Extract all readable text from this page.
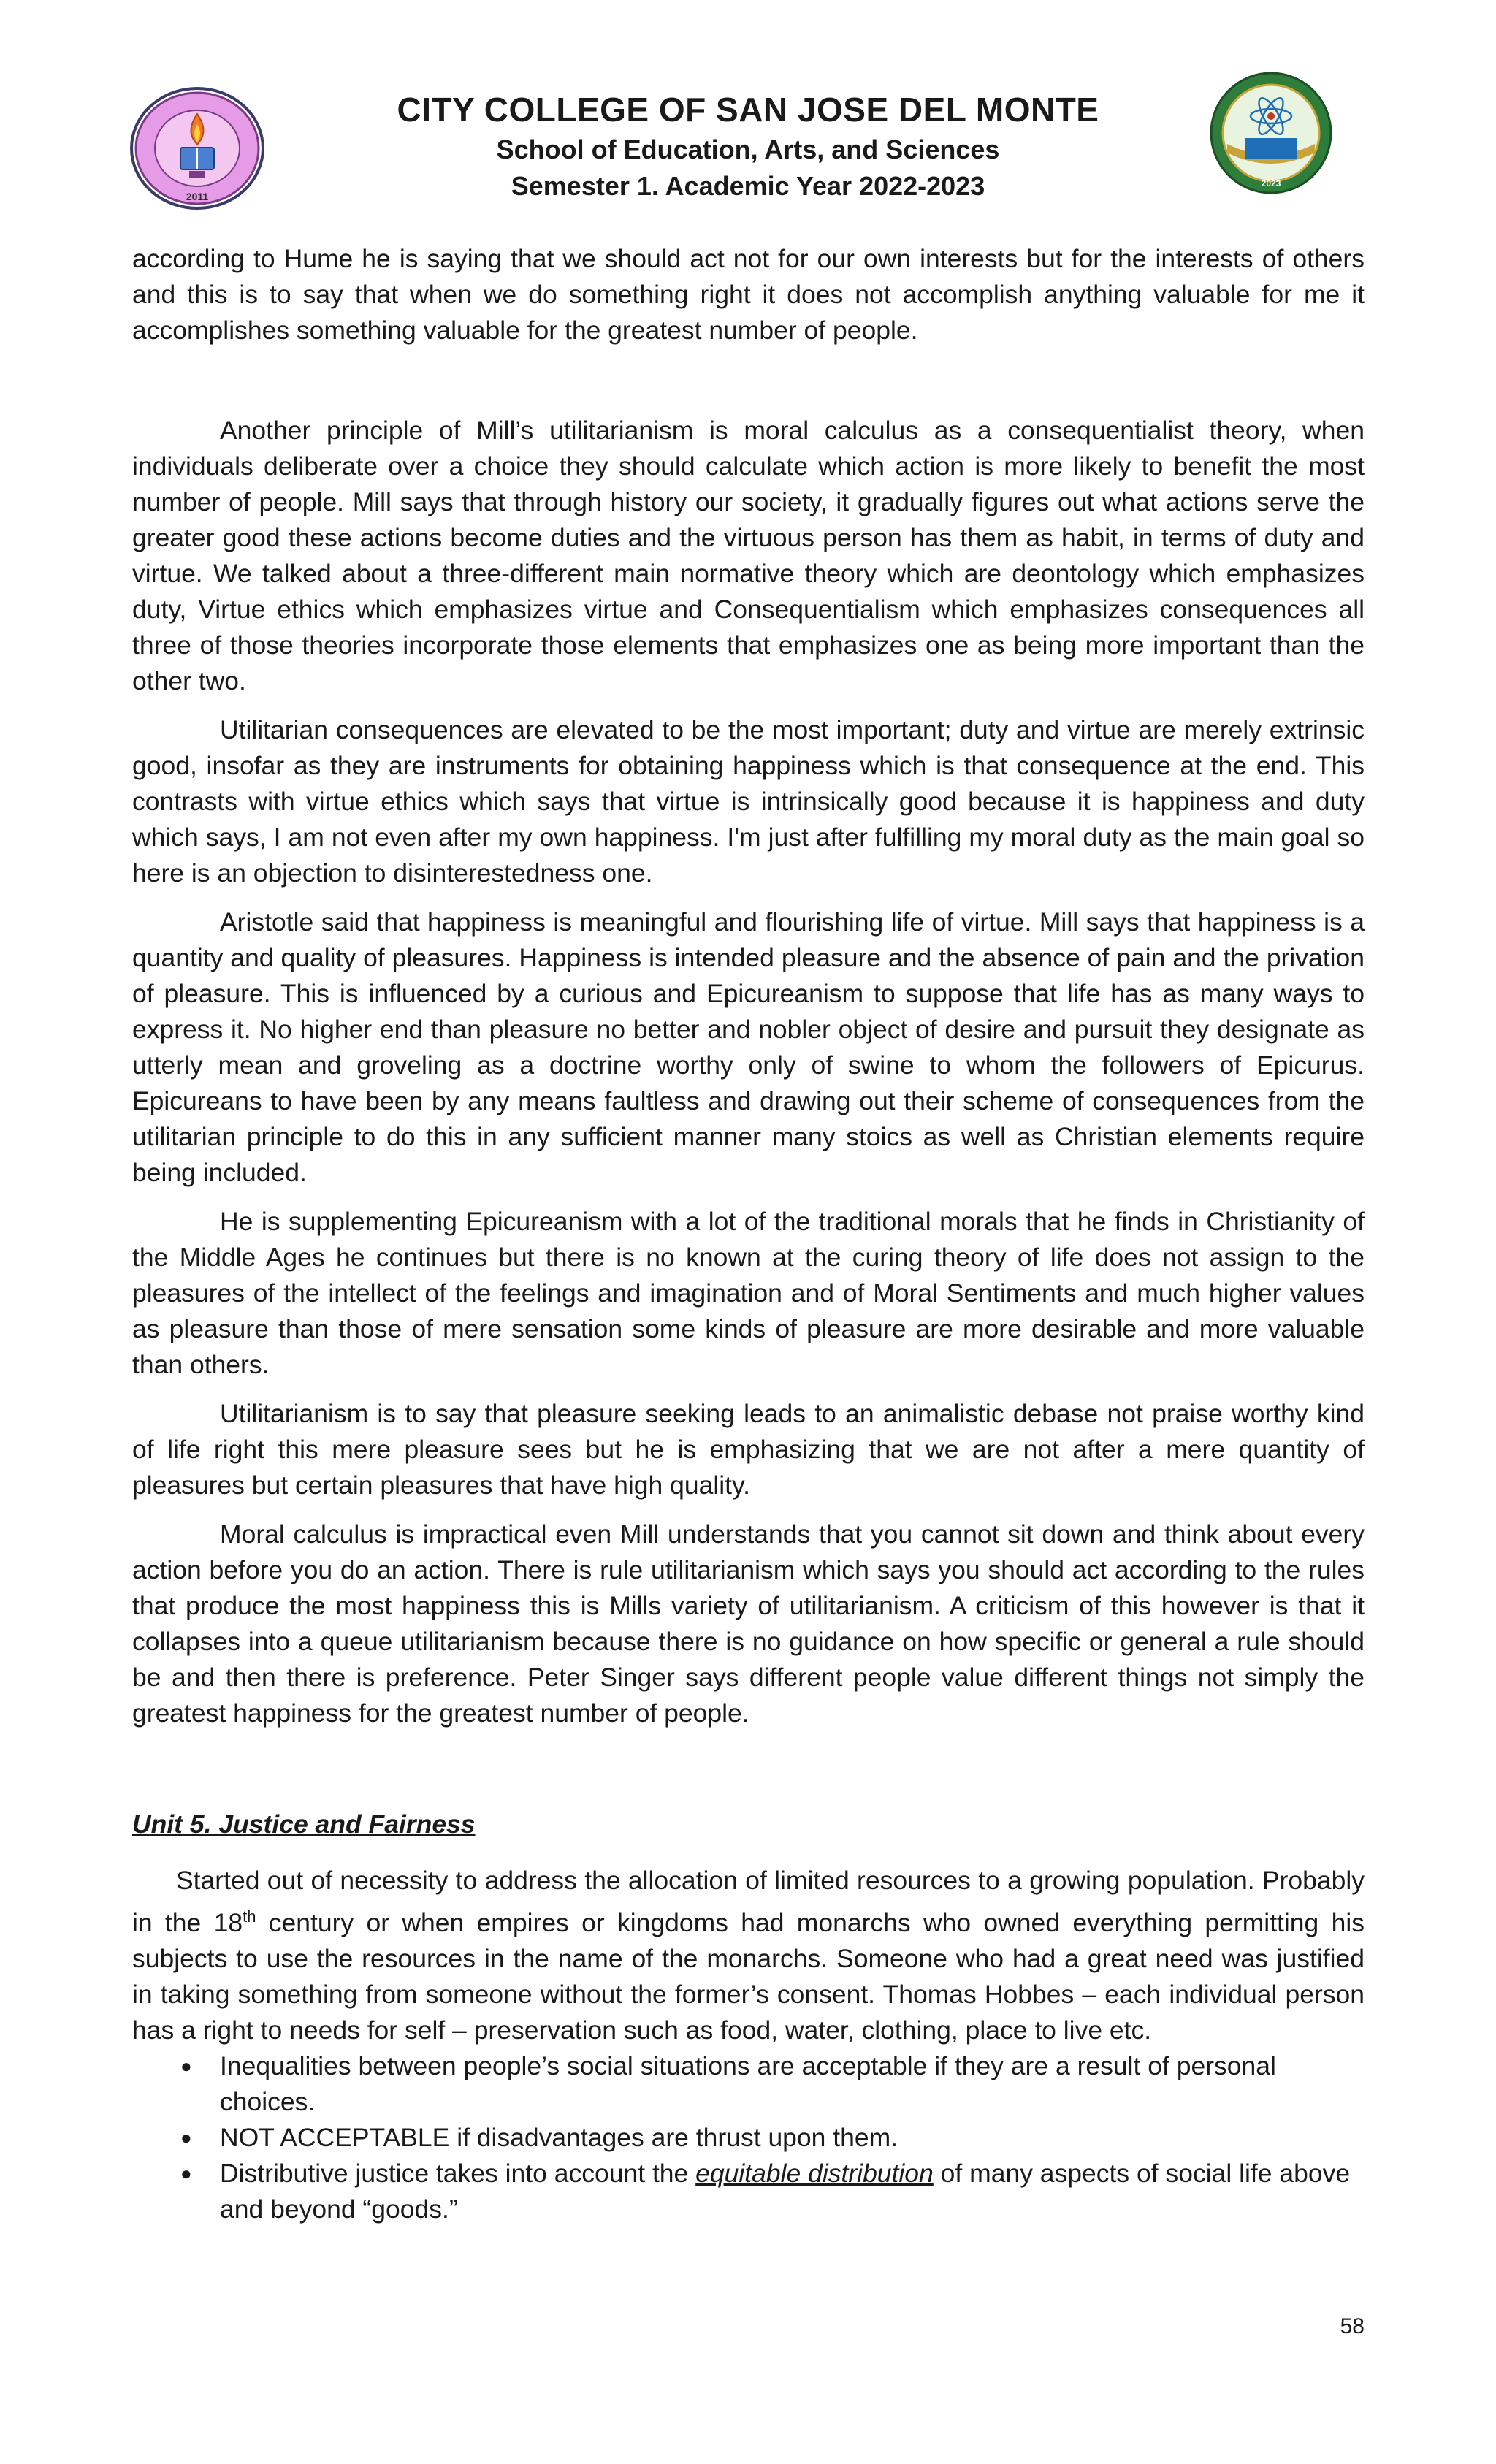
2011
2023
CITY COLLEGE OF SAN JOSE DEL MONTE
School of Education, Arts, and Sciences
Semester 1. Academic Year 2022-2023

according to Hume he is saying that we should act not for our own interests but for the interests of others and this is to say that when we do something right it does not accomplish anything valuable for me it accomplishes something valuable for the greatest number of people.

Another principle of Mill’s utilitarianism is moral calculus as a consequentialist theory, when individuals deliberate over a choice they should calculate which action is more likely to benefit the most number of people. Mill says that through history our society, it gradually figures out what actions serve the greater good these actions become duties and the virtuous person has them as habit, in terms of duty and virtue. We talked about a three-different main normative theory which are deontology which emphasizes duty, Virtue ethics which emphasizes virtue and Consequentialism which emphasizes consequences all three of those theories incorporate those elements that emphasizes one as being more important than the other two.

Utilitarian consequences are elevated to be the most important; duty and virtue are merely extrinsic good, insofar as they are instruments for obtaining happiness which is that consequence at the end. This contrasts with virtue ethics which says that virtue is intrinsically good because it is happiness and duty which says, I am not even after my own happiness. I'm just after fulfilling my moral duty as the main goal so here is an objection to disinterestedness one.

Aristotle said that happiness is meaningful and flourishing life of virtue. Mill says that happiness is a quantity and quality of pleasures. Happiness is intended pleasure and the absence of pain and the privation of pleasure. This is influenced by a curious and Epicureanism to suppose that life has as many ways to express it. No higher end than pleasure no better and nobler object of desire and pursuit they designate as utterly mean and groveling as a doctrine worthy only of swine to whom the followers of Epicurus. Epicureans to have been by any means faultless and drawing out their scheme of consequences from the utilitarian principle to do this in any sufficient manner many stoics as well as Christian elements require being included.

He is supplementing Epicureanism with a lot of the traditional morals that he finds in Christianity of the Middle Ages he continues but there is no known at the curing theory of life does not assign to the pleasures of the intellect of the feelings and imagination and of Moral Sentiments and much higher values as pleasure than those of mere sensation some kinds of pleasure are more desirable and more valuable than others.

Utilitarianism is to say that pleasure seeking leads to an animalistic debase not praise worthy kind of life right this mere pleasure sees but he is emphasizing that we are not after a mere quantity of pleasures but certain pleasures that have high quality.

Moral calculus is impractical even Mill understands that you cannot sit down and think about every action before you do an action. There is rule utilitarianism which says you should act according to the rules that produce the most happiness this is Mills variety of utilitarianism. A criticism of this however is that it collapses into a queue utilitarianism because there is no guidance on how specific or general a rule should be and then there is preference. Peter Singer says different people value different things not simply the greatest happiness for the greatest number of people.

Unit 5. Justice and Fairness

Started out of necessity to address the allocation of limited resources to a growing population. Probably in the 18th century or when empires or kingdoms had monarchs who owned everything permitting his subjects to use the resources in the name of the monarchs. Someone who had a great need was justified in taking something from someone without the former’s consent. Thomas Hobbes – each individual person has a right to needs for self – preservation such as food, water, clothing, place to live etc.

● Inequalities between people’s social situations are acceptable if they are a result of personal choices.
● NOT ACCEPTABLE if disadvantages are thrust upon them.
● Distributive justice takes into account the equitable distribution of many aspects of social life above and beyond “goods.”
58
